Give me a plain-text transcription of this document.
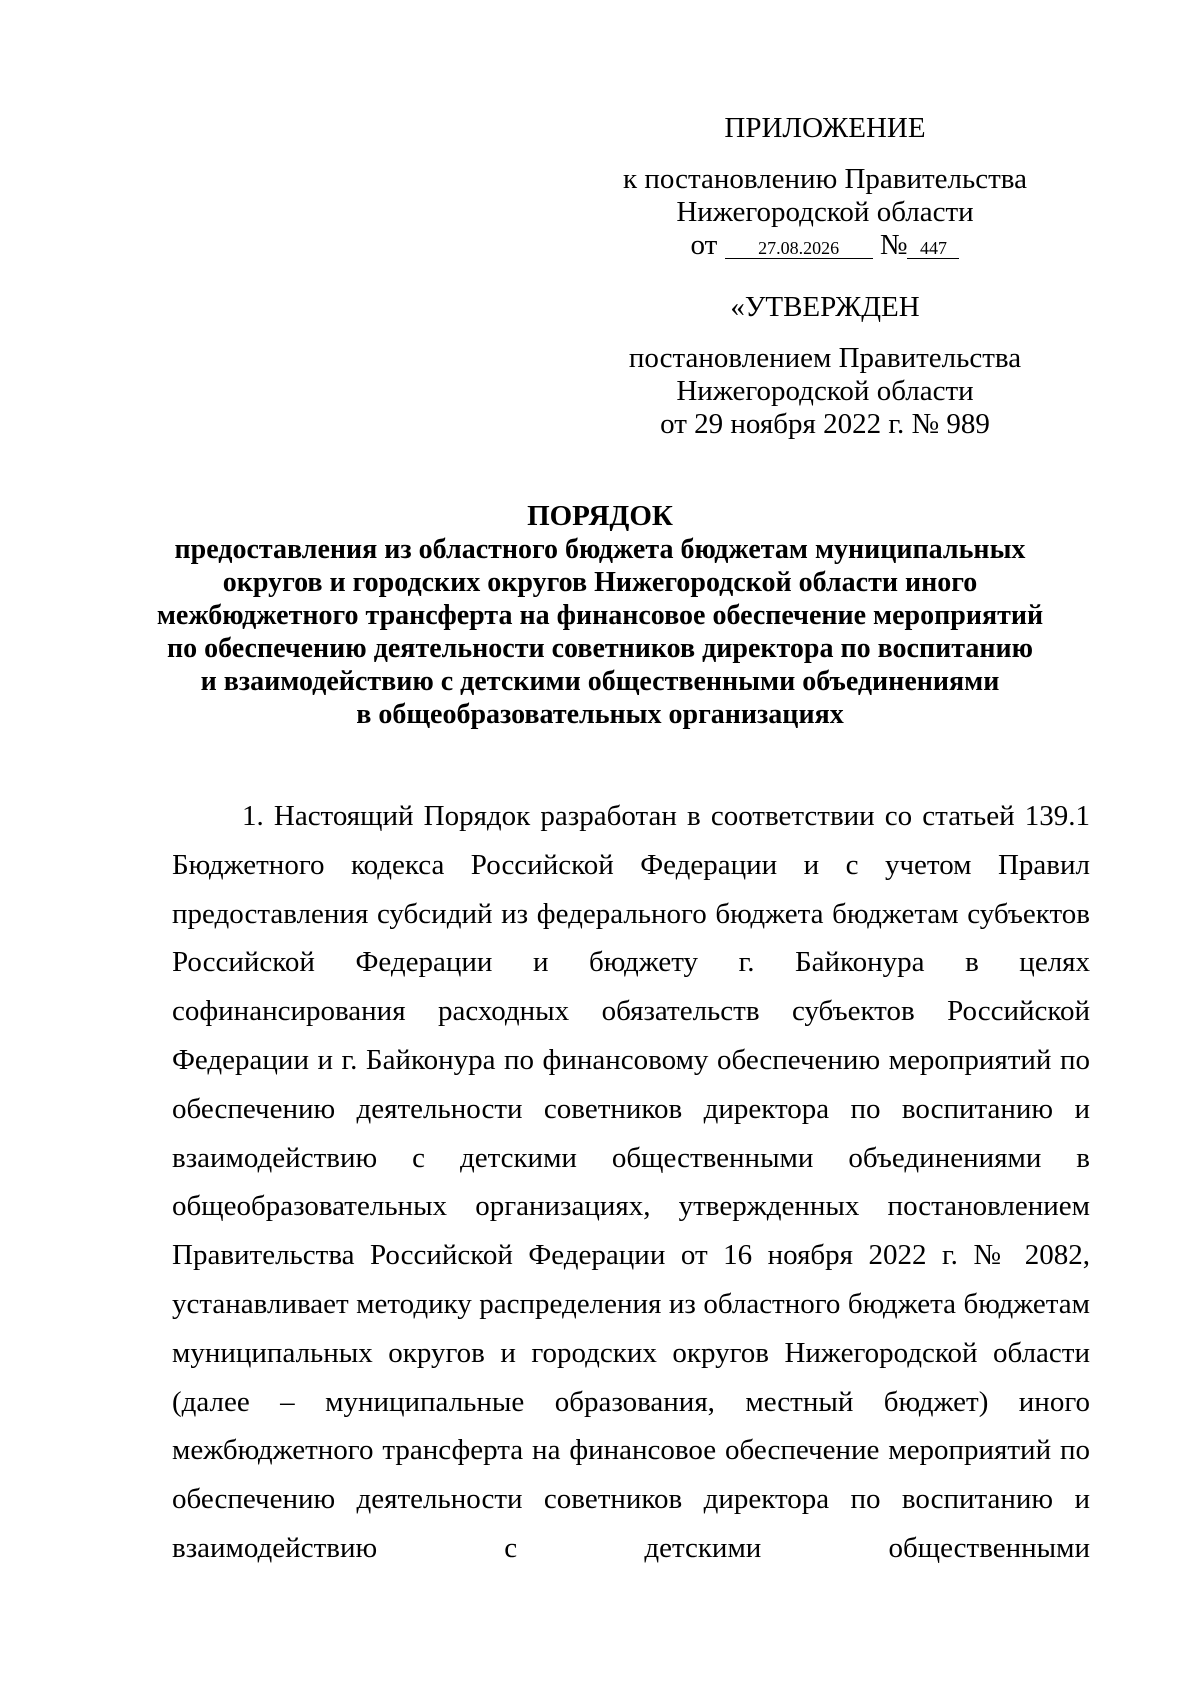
ПРИЛОЖЕНИЕ

к постановлению Правительства

Нижегородской области

от 27.08.2026 № 447

«УТВЕРЖДЕН

постановлением Правительства

Нижегородской области

от 29 ноября 2022 г. № 989

ПОРЯДОК

предоставления из областного бюджета бюджетам муниципальных

округов и городских округов Нижегородской области иного

межбюджетного трансферта на финансовое обеспечение мероприятий

по обеспечению деятельности советников директора по воспитанию

и взаимодействию с детскими общественными объединениями

в общеобразовательных организациях

1. Настоящий Порядок разработан в соответствии со статьей 139.1 Бюджетного кодекса Российской Федерации и с учетом Правил предоставления субсидий из федерального бюджета бюджетам субъектов Российской Федерации и бюджету г. Байконура в целях софинансирования расходных обязательств субъектов Российской Федерации и г. Байконура по финансовому обеспечению мероприятий по обеспечению деятельности советников директора по воспитанию и взаимодействию с детскими общественными объединениями в общеобразовательных организациях, утвержденных постановлением Правительства Российской Федерации от 16 ноября 2022 г. № 2082, устанавливает методику распределения из областного бюджета бюджетам муниципальных округов и городских округов Нижегородской области (далее – муниципальные образования, местный бюджет) иного межбюджетного трансферта на финансовое обеспечение мероприятий по обеспечению деятельности советников директора по воспитанию и взаимодействию с детскими общественными
